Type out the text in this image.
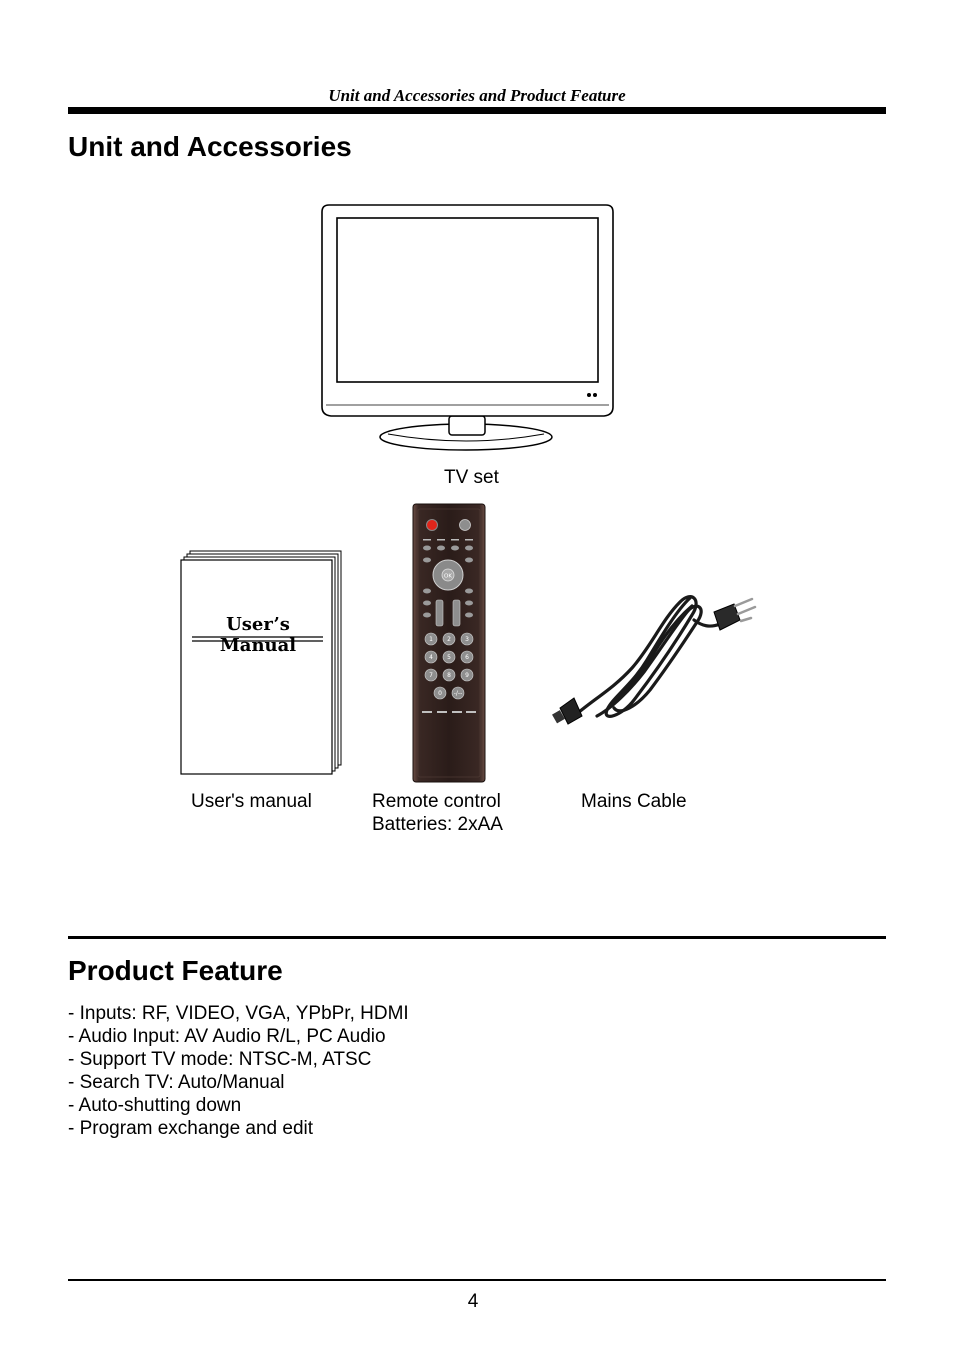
Unit and Accessories and Product Feature
Unit and Accessories
TV set
User’s Manual
User's manual
OK
1 2 3
4 5 6
7 8 9
0 -/--
Remote control
Batteries: 2xAA
Mains Cable
Product Feature
- Inputs: RF, VIDEO, VGA, YPbPr, HDMI
- Audio Input: AV Audio R/L, PC Audio
- Support TV mode: NTSC-M, ATSC
- Search TV: Auto/Manual
- Auto-shutting down
- Program exchange and edit
4
